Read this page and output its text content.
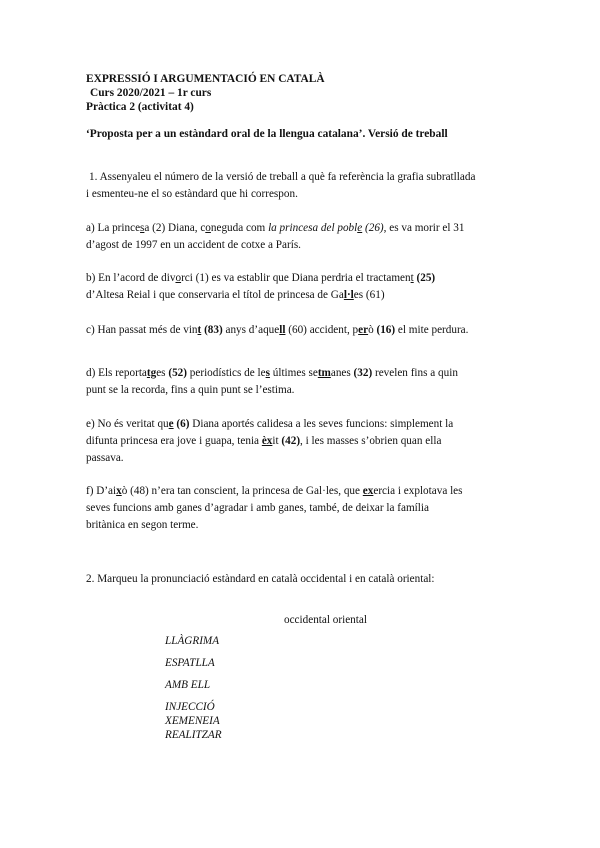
EXPRESSIÓ I ARGUMENTACIÓ EN CATALÀ
Curs 2020/2021 – 1r curs
Pràctica 2 (activitat 4)
‘Proposta per a un estàndard oral de la llengua catalana’. Versió de treball
1. Assenyaleu el número de la versió de treball a què fa referència la grafia subratllada
i esmenteu-ne el so estàndard que hi correspon.
a) La princesa (2) Diana, coneguda com la princesa del poble (26), es va morir el 31
d’agost de 1997 en un accident de cotxe a París.
b) En l’acord de divorci (1) es va establir que Diana perdria el tractament (25)
d’Altesa Reial i que conservaria el títol de princesa de Gal·les (61)
c) Han passat més de vint (83) anys d’aquell (60) accident, però (16) el mite perdura.
d) Els reportatges (52) periodístics de les últimes setmanes (32) revelen fins a quin
punt se la recorda, fins a quin punt se l’estima.
e) No és veritat que (6) Diana aportés calidesa a les seves funcions: simplement la
difunta princesa era jove i guapa, tenia èxit (42), i les masses s’obrien quan ella
passava.
f) D’això (48) n’era tan conscient, la princesa de Gal·les, que exercia i explotava les
seves funcions amb ganes d’agradar i amb ganes, també, de deixar la família
britànica en segon terme.
2. Marqueu la pronunciació estàndard en català occidental i en català oriental:
occidental oriental
LLÀGRIMA
ESPATLLA
AMB ELL
INJECCIÓ
XEMENEIA
REALITZAR
